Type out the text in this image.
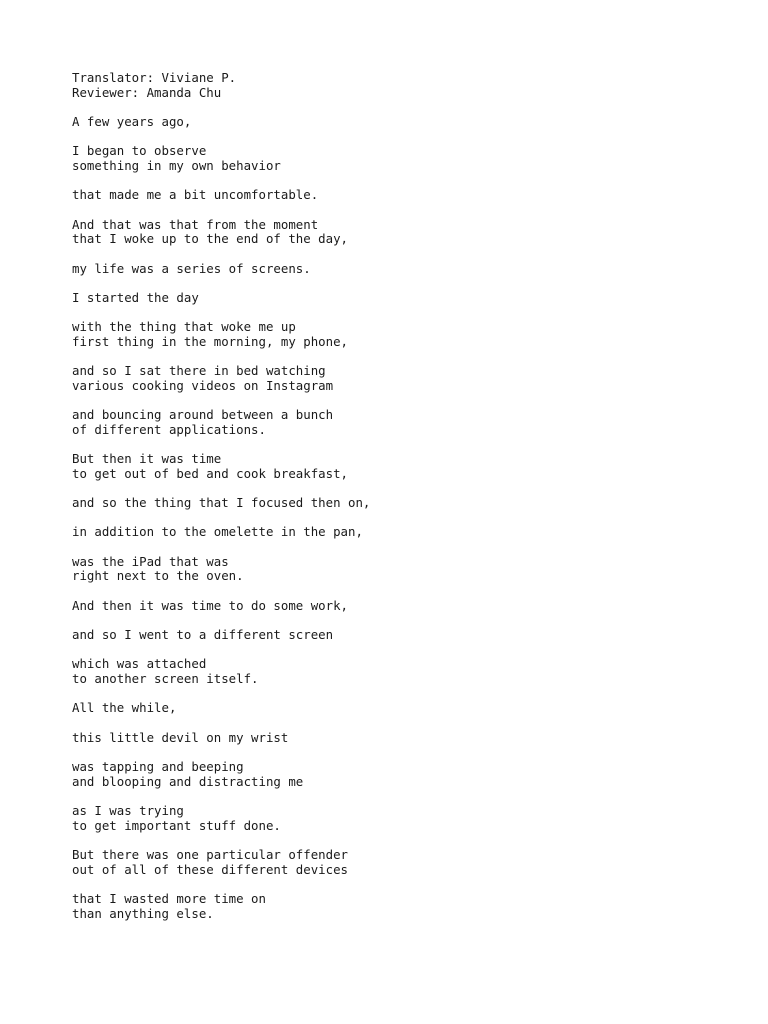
Translator: Viviane P.
Reviewer: Amanda Chu
A few years ago,
I began to observe
something in my own behavior
that made me a bit uncomfortable.
And that was that from the moment
that I woke up to the end of the day,
my life was a series of screens.
I started the day
with the thing that woke me up
first thing in the morning, my phone,
and so I sat there in bed watching
various cooking videos on Instagram
and bouncing around between a bunch
of different applications.
But then it was time
to get out of bed and cook breakfast,
and so the thing that I focused then on,
in addition to the omelette in the pan,
was the iPad that was
right next to the oven.
And then it was time to do some work,
and so I went to a different screen
which was attached
to another screen itself.
All the while,
this little devil on my wrist
was tapping and beeping
and blooping and distracting me
as I was trying
to get important stuff done.
But there was one particular offender
out of all of these different devices
that I wasted more time on
than anything else.
